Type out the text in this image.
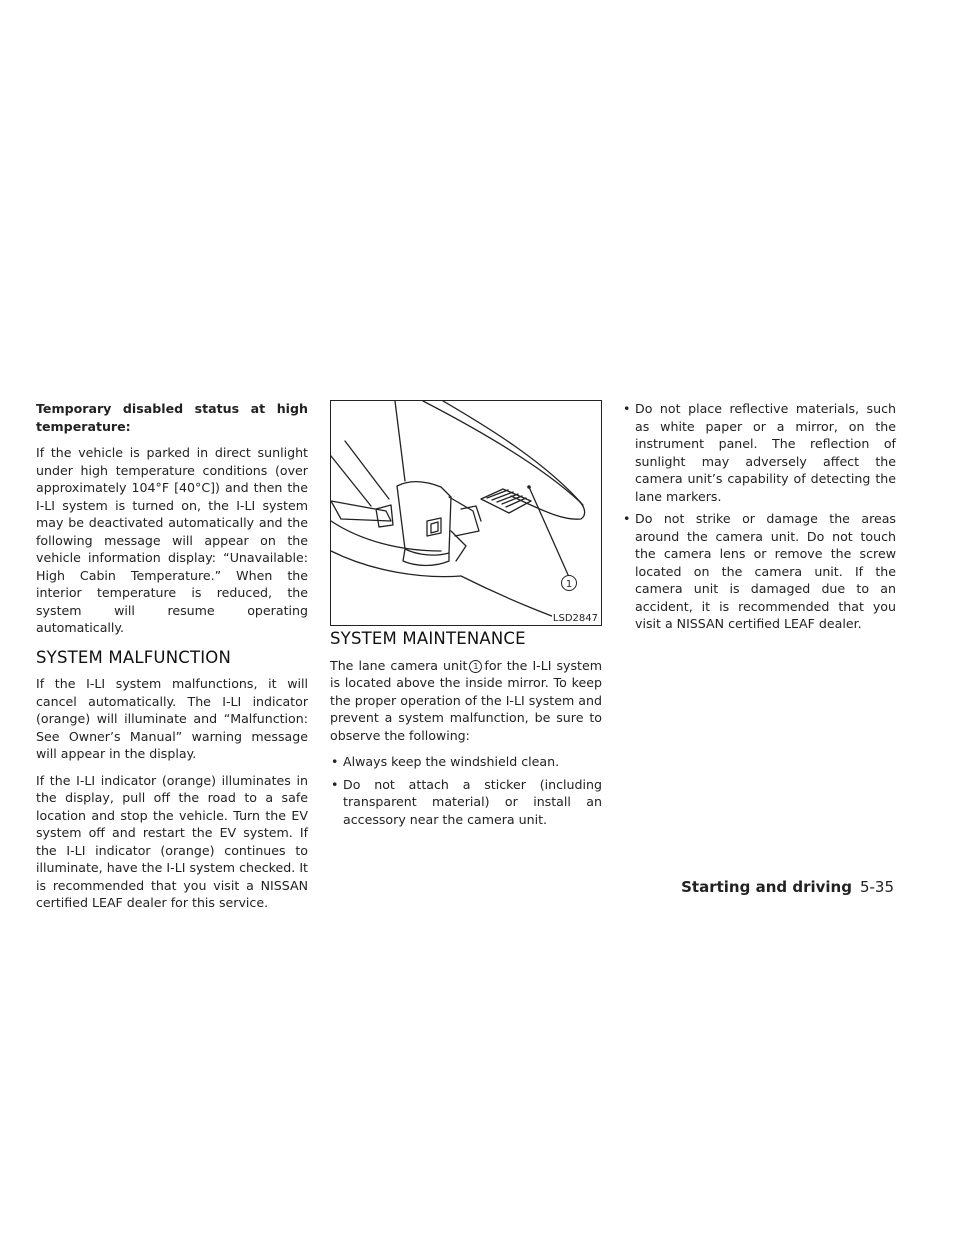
Temporary disabled status at high temperature:

If the vehicle is parked in direct sunlight under high temperature conditions (over approximately 104°F [40°C]) and then the I-LI system is turned on, the I-LI system may be deactivated automatically and the following message will appear on the vehicle information display: “Unavailable: High Cabin Temperature.” When the interior temperature is reduced, the system will resume operating automatically.

SYSTEM MALFUNCTION

If the I-LI system malfunctions, it will cancel automatically. The I-LI indicator (orange) will illuminate and “Malfunction: See Owner’s Manual” warning message will appear in the display.

If the I-LI indicator (orange) illuminates in the display, pull off the road to a safe location and stop the vehicle. Turn the EV system off and restart the EV system. If the I-LI indicator (orange) continues to illuminate, have the I-LI system checked. It is recommended that you visit a NISSAN certified LEAF dealer for this service.

1
LSD2847
SYSTEM MAINTENANCE

The lane camera unit 1 for the I-LI system is located above the inside mirror. To keep the proper operation of the I-LI system and prevent a system malfunction, be sure to observe the following:

• Always keep the windshield clean.
• Do not attach a sticker (including transparent material) or install an accessory near the camera unit.
• Do not place reflective materials, such as white paper or a mirror, on the instrument panel. The reflection of sunlight may adversely affect the camera unit’s capability of detecting the lane markers.
• Do not strike or damage the areas around the camera unit. Do not touch the camera lens or remove the screw located on the camera unit. If the camera unit is damaged due to an accident, it is recommended that you visit a NISSAN certified LEAF dealer.
Starting and driving 5-35
